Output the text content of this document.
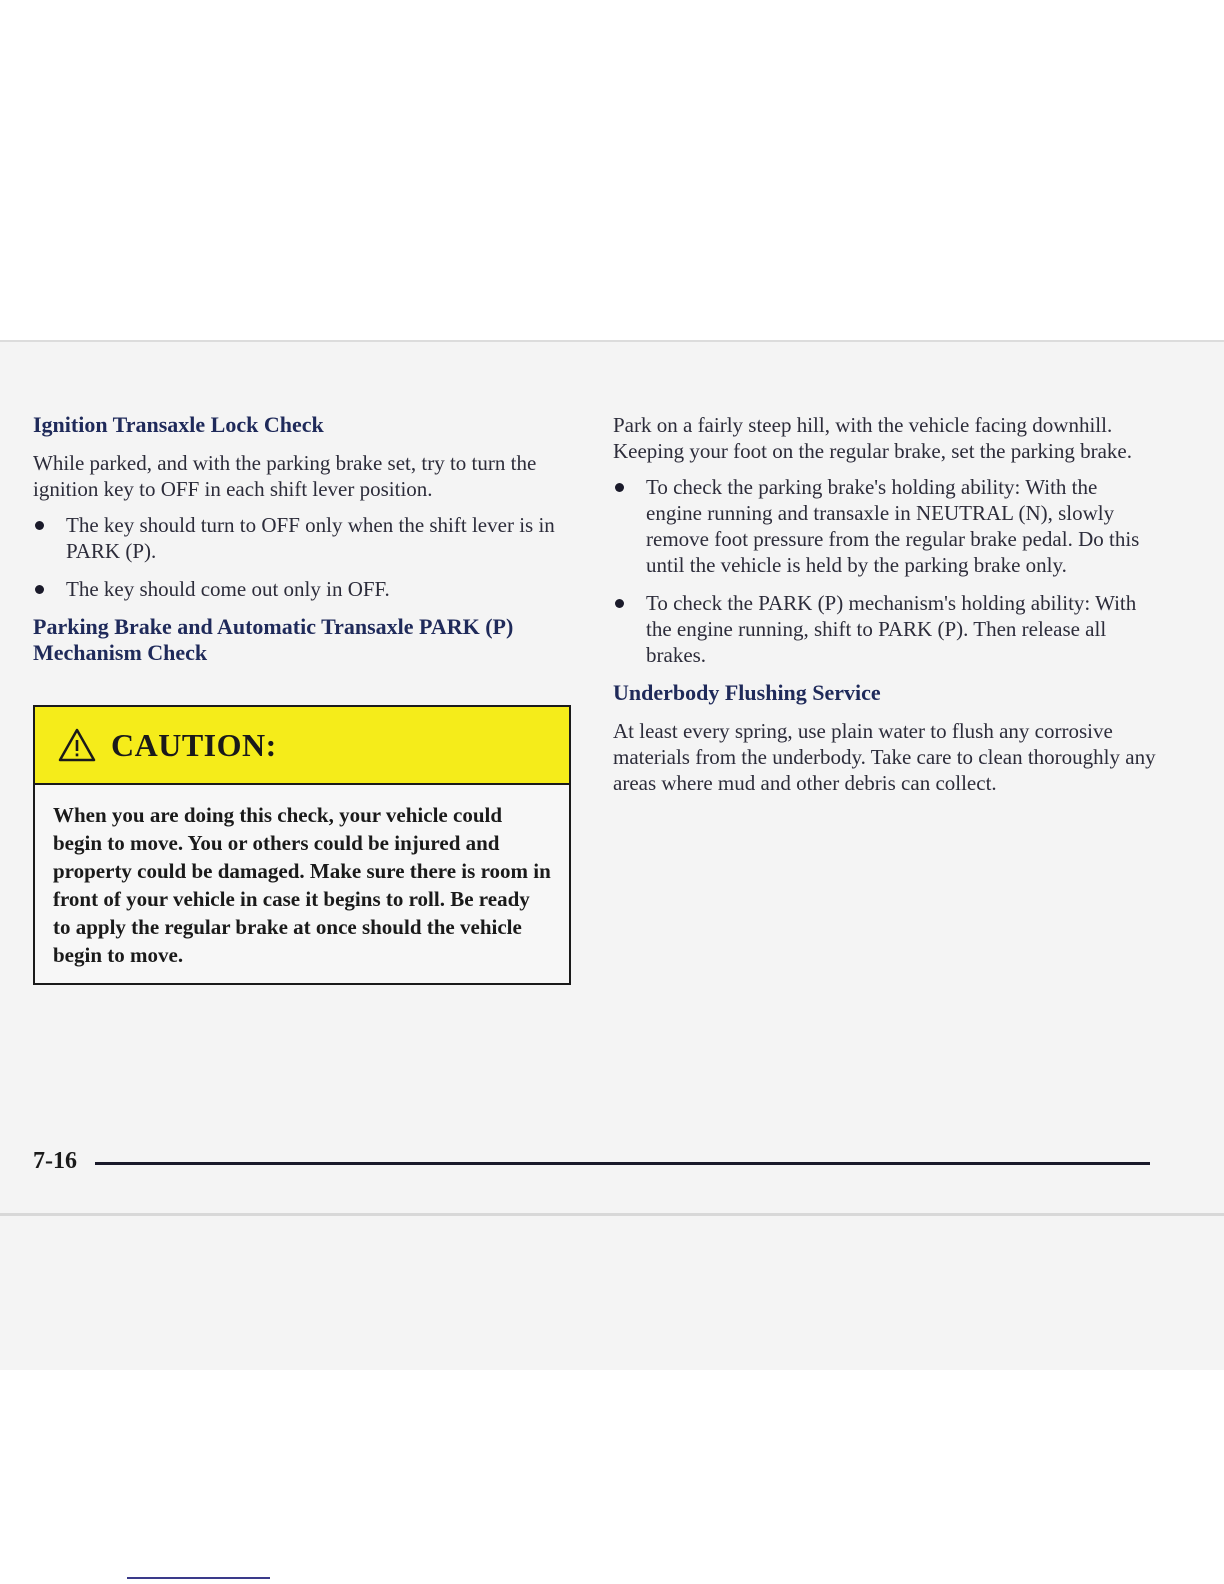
Ignition Transaxle Lock Check

While parked, and with the parking brake set, try to turn the ignition key to OFF in each shift lever position.

The key should turn to OFF only when the shift lever is in PARK (P).
The key should come out only in OFF.
Parking Brake and Automatic Transaxle PARK (P) Mechanism Check
CAUTION:
When you are doing this check, your vehicle could begin to move. You or others could be injured and property could be damaged. Make sure there is room in front of your vehicle in case it begins to roll. Be ready to apply the regular brake at once should the vehicle begin to move.

Park on a fairly steep hill, with the vehicle facing downhill. Keeping your foot on the regular brake, set the parking brake.

To check the parking brake's holding ability: With the engine running and transaxle in NEUTRAL (N), slowly remove foot pressure from the regular brake pedal. Do this until the vehicle is held by the parking brake only.
To check the PARK (P) mechanism's holding ability: With the engine running, shift to PARK (P). Then release all brakes.
Underbody Flushing Service

At least every spring, use plain water to flush any corrosive materials from the underbody. Take care to clean thoroughly any areas where mud and other debris can collect.

7-16
